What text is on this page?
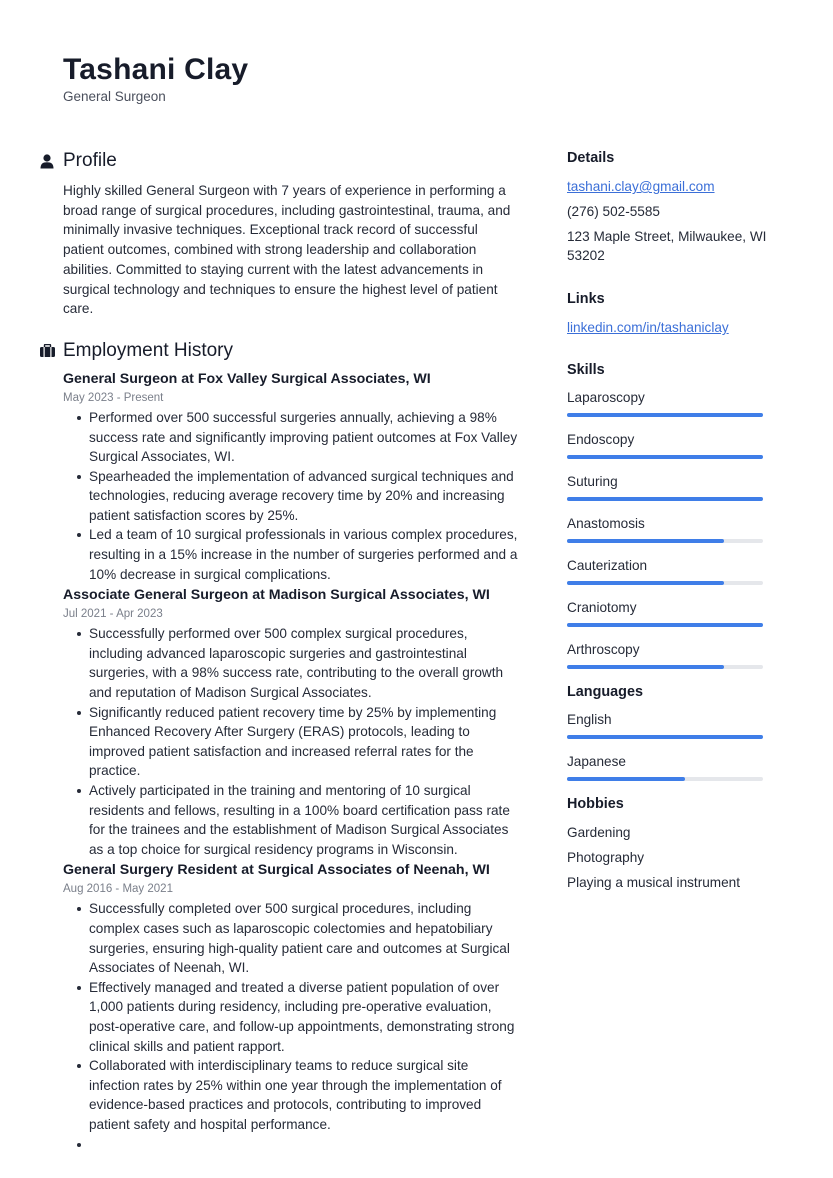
Tashani Clay
General Surgeon
Profile

Highly skilled General Surgeon with 7 years of experience in performing a broad range of surgical procedures, including gastrointestinal, trauma, and minimally invasive techniques. Exceptional track record of successful patient outcomes, combined with strong leadership and collaboration abilities. Committed to staying current with the latest advancements in surgical technology and techniques to ensure the highest level of patient care.

Employment History
General Surgeon at Fox Valley Surgical Associates, WI
May 2023 - Present
Performed over 500 successful surgeries annually, achieving a 98% success rate and significantly improving patient outcomes at Fox Valley Surgical Associates, WI.
Spearheaded the implementation of advanced surgical techniques and technologies, reducing average recovery time by 20% and increasing patient satisfaction scores by 25%.
Led a team of 10 surgical professionals in various complex procedures, resulting in a 15% increase in the number of surgeries performed and a 10% decrease in surgical complications.
Associate General Surgeon at Madison Surgical Associates, WI
Jul 2021 - Apr 2023
Successfully performed over 500 complex surgical procedures, including advanced laparoscopic surgeries and gastrointestinal surgeries, with a 98% success rate, contributing to the overall growth and reputation of Madison Surgical Associates.
Significantly reduced patient recovery time by 25% by implementing Enhanced Recovery After Surgery (ERAS) protocols, leading to improved patient satisfaction and increased referral rates for the practice.
Actively participated in the training and mentoring of 10 surgical residents and fellows, resulting in a 100% board certification pass rate for the trainees and the establishment of Madison Surgical Associates as a top choice for surgical residency programs in Wisconsin.
General Surgery Resident at Surgical Associates of Neenah, WI
Aug 2016 - May 2021
Successfully completed over 500 surgical procedures, including complex cases such as laparoscopic colectomies and hepatobiliary surgeries, ensuring high-quality patient care and outcomes at Surgical Associates of Neenah, WI.
Effectively managed and treated a diverse patient population of over 1,000 patients during residency, including pre-operative evaluation, post-operative care, and follow-up appointments, demonstrating strong clinical skills and patient rapport.
Collaborated with interdisciplinary teams to reduce surgical site infection rates by 25% within one year through the implementation of evidence-based practices and protocols, contributing to improved patient safety and hospital performance.
Details
tashani.clay@gmail.com
(276) 502-5585
123 Maple Street, Milwaukee, WI 53202
Links
linkedin.com/in/tashaniclay
Skills
Laparoscopy
Endoscopy
Suturing
Anastomosis
Cauterization
Craniotomy
Arthroscopy
Languages
English
Japanese
Hobbies
Gardening
Photography
Playing a musical instrument
